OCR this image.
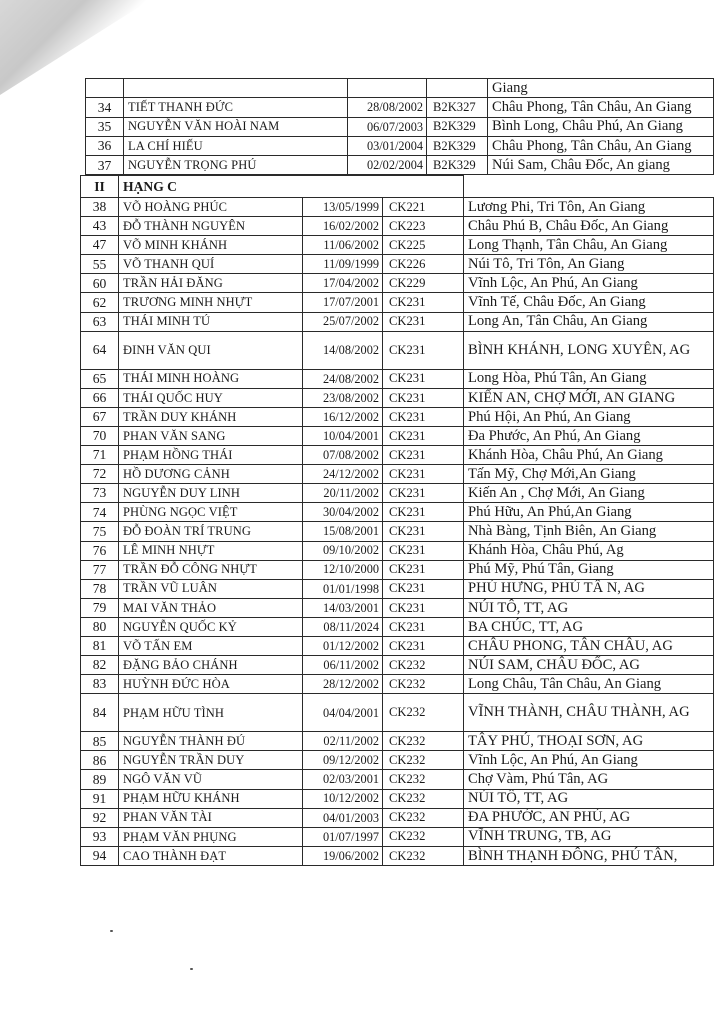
				Giang
34	TIẾT THANH ĐỨC	28/08/2002	B2K327	Châu Phong, Tân Châu, An Giang
35	NGUYỄN VĂN HOÀI NAM	06/07/2003	B2K329	Bình Long, Châu Phú, An Giang
36	LA CHÍ HIẾU	03/01/2004	B2K329	Châu Phong, Tân Châu, An Giang
37	NGUYỄN TRỌNG PHÚ	02/02/2004	B2K329	Núi Sam, Châu Đốc, An giang
II	HẠNG C			
38	VÕ HOÀNG PHÚC	13/05/1999	CK221	Lương Phi, Tri Tôn, An Giang
43	ĐỖ THÀNH NGUYÊN	16/02/2002	CK223	Châu Phú B, Châu Đốc, An Giang
47	VÕ MINH KHÁNH	11/06/2002	CK225	Long Thạnh, Tân Châu, An Giang
55	VÕ THANH QUÍ	11/09/1999	CK226	Núi Tô, Tri Tôn, An Giang
60	TRẦN HẢI ĐĂNG	17/04/2002	CK229	Vĩnh Lộc, An Phú, An Giang
62	TRƯƠNG MINH NHỰT	17/07/2001	CK231	Vĩnh Tế, Châu Đốc, An Giang
63	THÁI MINH TÚ	25/07/2002	CK231	Long An, Tân Châu, An Giang
64	ĐINH VĂN QUI	14/08/2002	CK231	BÌNH KHÁNH, LONG XUYÊN, AG
65	THÁI MINH HOÀNG	24/08/2002	CK231	Long Hòa, Phú Tân, An Giang
66	THÁI QUỐC HUY	23/08/2002	CK231	KIẾN AN, CHỢ MỚI, AN GIANG
67	TRẦN DUY KHÁNH	16/12/2002	CK231	Phú Hội, An Phú, An Giang
70	PHAN VĂN SANG	10/04/2001	CK231	Đa Phước, An Phú, An Giang
71	PHẠM HỒNG THÁI	07/08/2002	CK231	Khánh Hòa, Châu Phú, An Giang
72	HỒ DƯƠNG CẢNH	24/12/2002	CK231	Tấn Mỹ, Chợ Mới,An Giang
73	NGUYỄN DUY LINH	20/11/2002	CK231	Kiến An , Chợ Mới, An Giang
74	PHÙNG NGỌC VIỆT	30/04/2002	CK231	Phú Hữu, An Phú,An Giang
75	ĐỖ ĐOÀN TRÍ TRUNG	15/08/2001	CK231	Nhà Bàng, Tịnh Biên, An Giang
76	LÊ MINH NHỰT	09/10/2002	CK231	Khánh Hòa, Châu Phú, Ag
77	TRẦN ĐỖ CÔNG NHỰT	12/10/2000	CK231	Phú Mỹ, Phú Tân, Giang
78	TRẦN VŨ LUÂN	01/01/1998	CK231	PHÚ HƯNG, PHÚ TÂ N, AG
79	MAI VĂN THẢO	14/03/2001	CK231	NÚI TÔ, TT, AG
80	NGUYỄN QUỐC KỶ	08/11/2024	CK231	BA CHÚC, TT, AG
81	VÕ TẤN EM	01/12/2002	CK231	CHÂU PHONG, TÂN CHÂU, AG
82	ĐẶNG BẢO CHÁNH	06/11/2002	CK232	NÚI SAM, CHÂU ĐỐC, AG
83	HUỲNH ĐỨC HÒA	28/12/2002	CK232	Long Châu, Tân Châu, An Giang
84	PHẠM HỮU TÌNH	04/04/2001	CK232	VĨNH THÀNH, CHÂU THÀNH, AG
85	NGUYỄN THÀNH ĐÚ	02/11/2002	CK232	TÂY PHÚ, THOẠI SƠN, AG
86	NGUYỄN TRẦN DUY	09/12/2002	CK232	Vĩnh Lộc, An Phú, An Giang
89	NGÔ VĂN VŨ	02/03/2001	CK232	Chợ Vàm, Phú Tân, AG
91	PHẠM HỮU KHÁNH	10/12/2002	CK232	NÚI TÔ, TT, AG
92	PHAN VĂN TÀI	04/01/2003	CK232	ĐA PHƯỚC, AN PHÚ, AG
93	PHẠM VĂN PHỤNG	01/07/1997	CK232	VĨNH TRUNG, TB, AG
94	CAO THÀNH ĐẠT	19/06/2002	CK232	BÌNH THẠNH ĐÔNG, PHÚ TÂN,
